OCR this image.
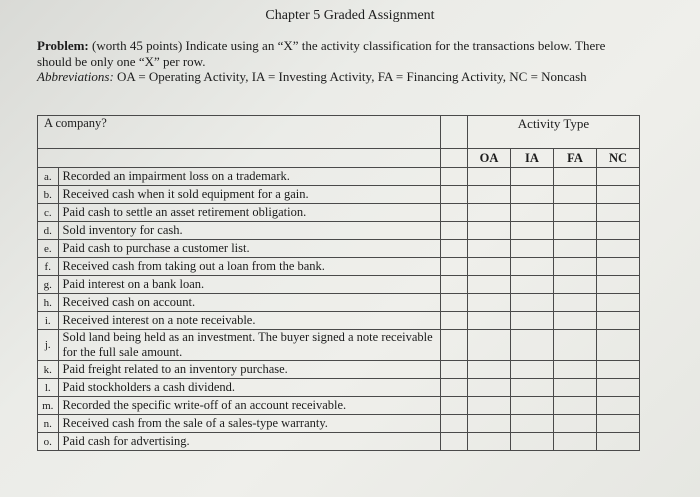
Chapter 5 Graded Assignment
Problem: (worth 45 points) Indicate using an “X” the activity classification for the transactions below. There should be only one “X” per row.
Abbreviations: OA = Operating Activity, IA = Investing Activity, FA = Financing Activity, NC = Noncash
A company?			Activity Type			
			OA	IA	FA	NC
a.	Recorded an impairment loss on a trademark.					
b.	Received cash when it sold equipment for a gain.					
c.	Paid cash to settle an asset retirement obligation.					
d.	Sold inventory for cash.					
e.	Paid cash to purchase a customer list.					
f.	Received cash from taking out a loan from the bank.					
g.	Paid interest on a bank loan.					
h.	Received cash on account.					
i.	Received interest on a note receivable.					
j.	Sold land being held as an investment. The buyer signed a note receivable for the full sale amount.					
k.	Paid freight related to an inventory purchase.					
l.	Paid stockholders a cash dividend.					
m.	Recorded the specific write-off of an account receivable.					
n.	Received cash from the sale of a sales-type warranty.					
o.	Paid cash for advertising.					
